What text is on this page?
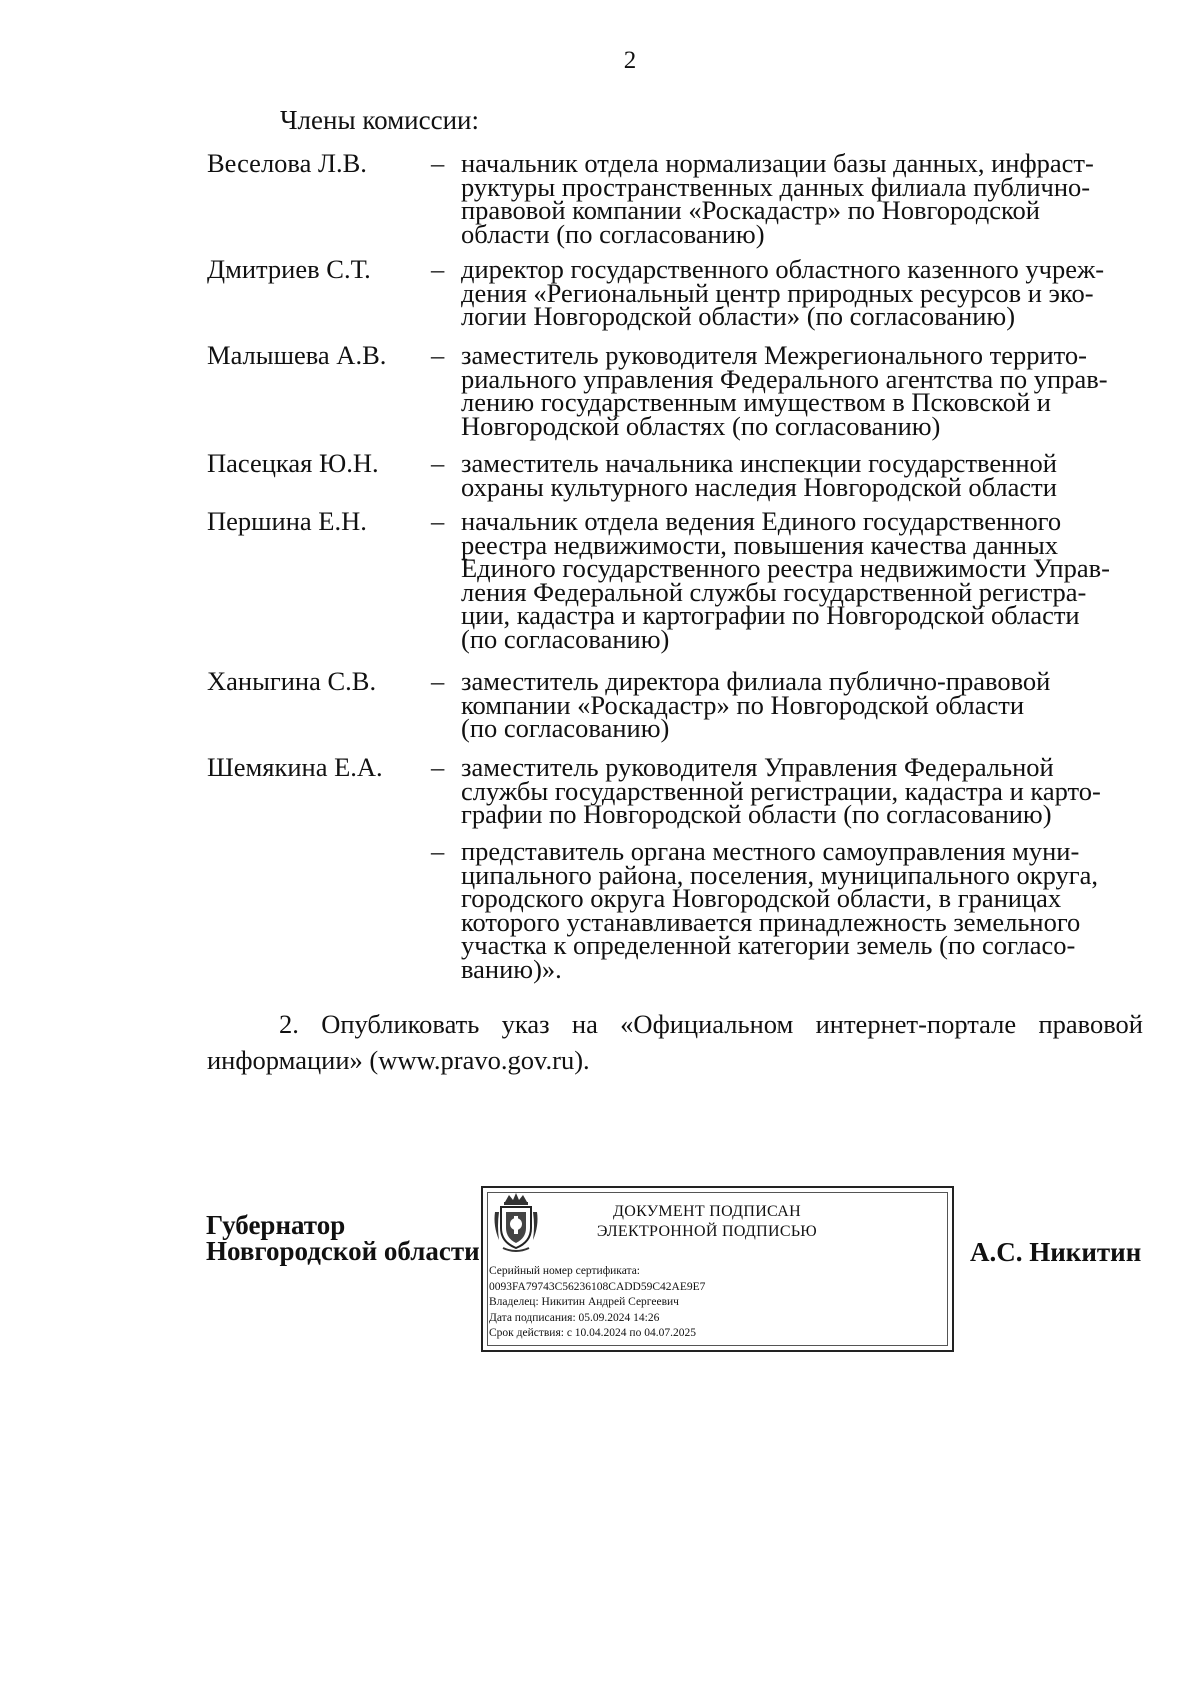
2
Члены комиссии:
Веселова Л.В.	– начальник отдела нормализации базы данных, инфраст-
руктуры пространственных данных филиала публично-
правовой компании «Роскадастр» по Новгородской
области (по согласованию)
Дмитриев С.Т.	– директор государственного областного казенного учреж-
дения «Региональный центр природных ресурсов и эко-
логии Новгородской области» (по согласованию)
Малышева А.В.	– заместитель руководителя Межрегионального террито-
риального управления Федерального агентства по управ-
лению государственным имуществом в Псковской и
Новгородской областях (по согласованию)
Пасецкая Ю.Н.	– заместитель начальника инспекции государственной
охраны культурного наследия Новгородской области
Першина Е.Н.	– начальник отдела ведения Единого государственного
реестра недвижимости, повышения качества данных
Единого государственного реестра недвижимости Управ-
ления Федеральной службы государственной регистра-
ции, кадастра и картографии по Новгородской области
(по согласованию)
Ханыгина С.В.	– заместитель директора филиала публично-правовой
компании «Роскадастр» по Новгородской области
(по согласованию)
Шемякина Е.А.	– заместитель руководителя Управления Федеральной
службы государственной регистрации, кадастра и карто-
графии по Новгородской области (по согласованию)
– представитель органа местного самоуправления муни-
ципального района, поселения, муниципального округа,
городского округа Новгородской области, в границах
которого устанавливается принадлежность земельного
участка к определенной категории земель (по согласо-
ванию)».
2. Опубликовать указ на «Официальном интернет-портале правовой
информации» (www.pravo.gov.ru).
Губернатор
Новгородской области
ДОКУМЕНТ ПОДПИСАН
ЭЛЕКТРОННОЙ ПОДПИСЬЮ
Серийный номер сертификата:
0093FA79743C56236108CADD59C42AE9E7
Владелец: Никитин Андрей Сергеевич
Дата подписания: 05.09.2024 14:26
Срок действия: с 10.04.2024 по 04.07.2025
А.С. Никитин
